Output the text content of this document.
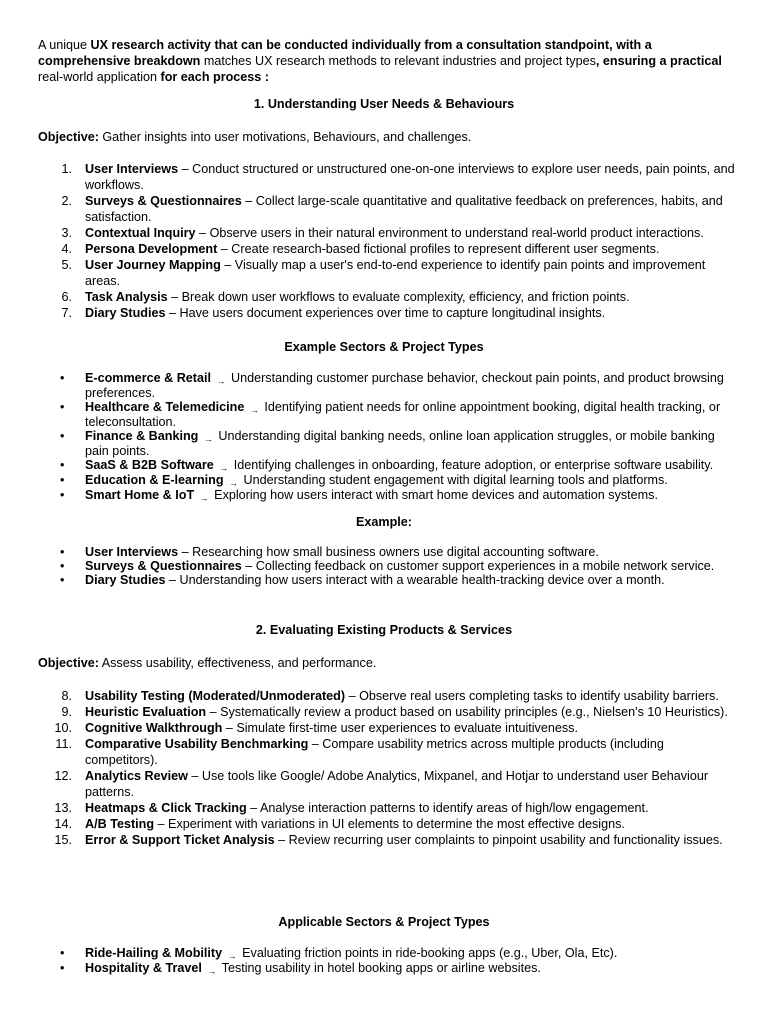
A unique UX research activity that can be conducted individually from a consultation standpoint, with a comprehensive breakdown matches UX research methods to relevant industries and project types, ensuring a practical real-world application for each process :
1. Understanding User Needs & Behaviours
Objective: Gather insights into user motivations, Behaviours, and challenges.
1. User Interviews – Conduct structured or unstructured one-on-one interviews to explore user needs, pain points, and workflows.
2. Surveys & Questionnaires – Collect large-scale quantitative and qualitative feedback on preferences, habits, and satisfaction.
3. Contextual Inquiry – Observe users in their natural environment to understand real-world product interactions.
4. Persona Development – Create research-based fictional profiles to represent different user segments.
5. User Journey Mapping – Visually map a user's end-to-end experience to identify pain points and improvement areas.
6. Task Analysis – Break down user workflows to evaluate complexity, efficiency, and friction points.
7. Diary Studies – Have users document experiences over time to capture longitudinal insights.
Example Sectors & Project Types
• E-commerce & Retail → Understanding customer purchase behavior, checkout pain points, and product browsing preferences.
• Healthcare & Telemedicine → Identifying patient needs for online appointment booking, digital health tracking, or teleconsultation.
• Finance & Banking → Understanding digital banking needs, online loan application struggles, or mobile banking pain points.
• SaaS & B2B Software → Identifying challenges in onboarding, feature adoption, or enterprise software usability.
• Education & E-learning → Understanding student engagement with digital learning tools and platforms.
• Smart Home & IoT → Exploring how users interact with smart home devices and automation systems.
Example:
• User Interviews – Researching how small business owners use digital accounting software.
• Surveys & Questionnaires – Collecting feedback on customer support experiences in a mobile network service.
• Diary Studies – Understanding how users interact with a wearable health-tracking device over a month.
2. Evaluating Existing Products & Services
Objective: Assess usability, effectiveness, and performance.
8. Usability Testing (Moderated/Unmoderated) – Observe real users completing tasks to identify usability barriers.
9. Heuristic Evaluation – Systematically review a product based on usability principles (e.g., Nielsen's 10 Heuristics).
10. Cognitive Walkthrough – Simulate first-time user experiences to evaluate intuitiveness.
11. Comparative Usability Benchmarking – Compare usability metrics across multiple products (including competitors).
12. Analytics Review – Use tools like Google/ Adobe Analytics, Mixpanel, and Hotjar to understand user Behaviour patterns.
13. Heatmaps & Click Tracking – Analyse interaction patterns to identify areas of high/low engagement.
14. A/B Testing – Experiment with variations in UI elements to determine the most effective designs.
15. Error & Support Ticket Analysis – Review recurring user complaints to pinpoint usability and functionality issues.
Applicable Sectors & Project Types
• Ride-Hailing & Mobility → Evaluating friction points in ride-booking apps (e.g., Uber, Ola, Etc).
• Hospitality & Travel → Testing usability in hotel booking apps or airline websites.
